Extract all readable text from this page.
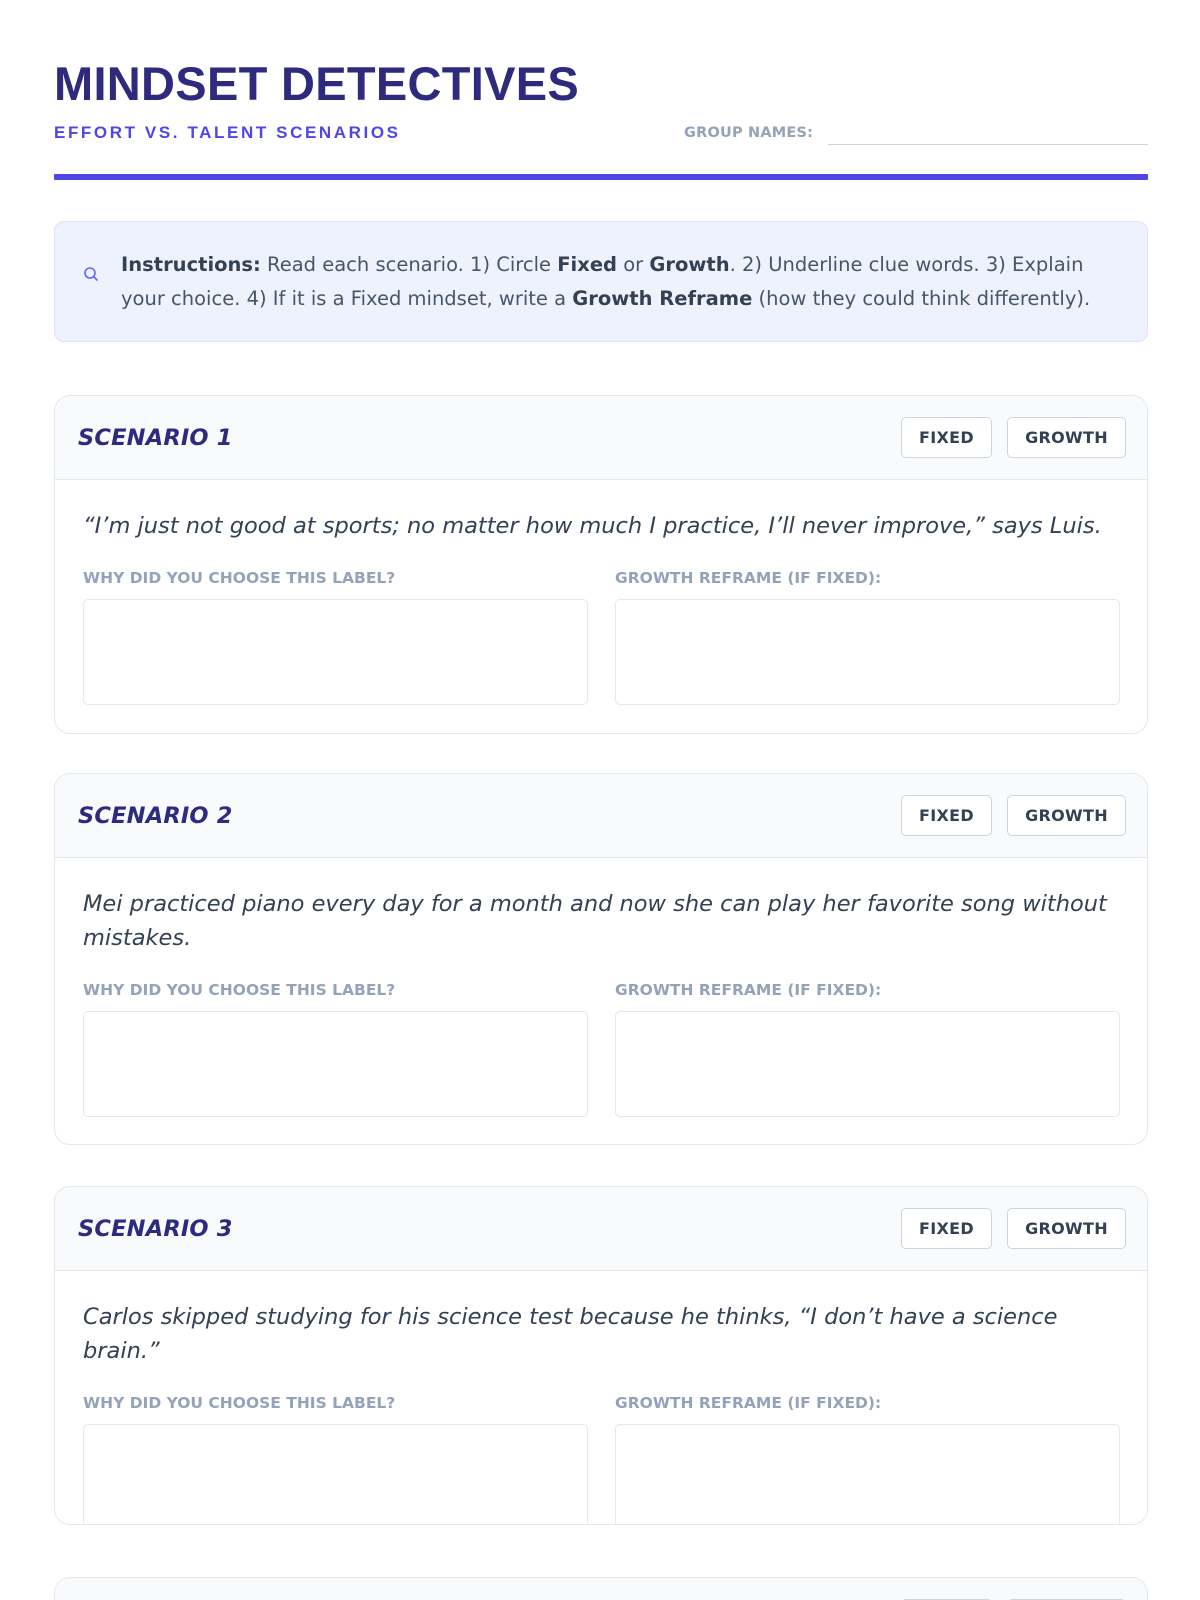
MINDSET DETECTIVES
EFFORT VS. TALENT SCENARIOS	GROUP NAMES:

Instructions: Read each scenario. 1) Circle Fixed or Growth. 2) Underline clue words. 3) Explain your choice. 4) If it is a Fixed mindset, write a Growth Reframe (how they could think differently).

SCENARIO 1	FIXED	GROWTH

“I’m just not good at sports; no matter how much I practice, I’ll never improve,” says Luis.

WHY DID YOU CHOOSE THIS LABEL?	GROWTH REFRAME (IF FIXED):
SCENARIO 2	FIXED	GROWTH

Mei practiced piano every day for a month and now she can play her favorite song without mistakes.

WHY DID YOU CHOOSE THIS LABEL?	GROWTH REFRAME (IF FIXED):
SCENARIO 3	FIXED	GROWTH

Carlos skipped studying for his science test because he thinks, “I don’t have a science brain.”

WHY DID YOU CHOOSE THIS LABEL?	GROWTH REFRAME (IF FIXED):
